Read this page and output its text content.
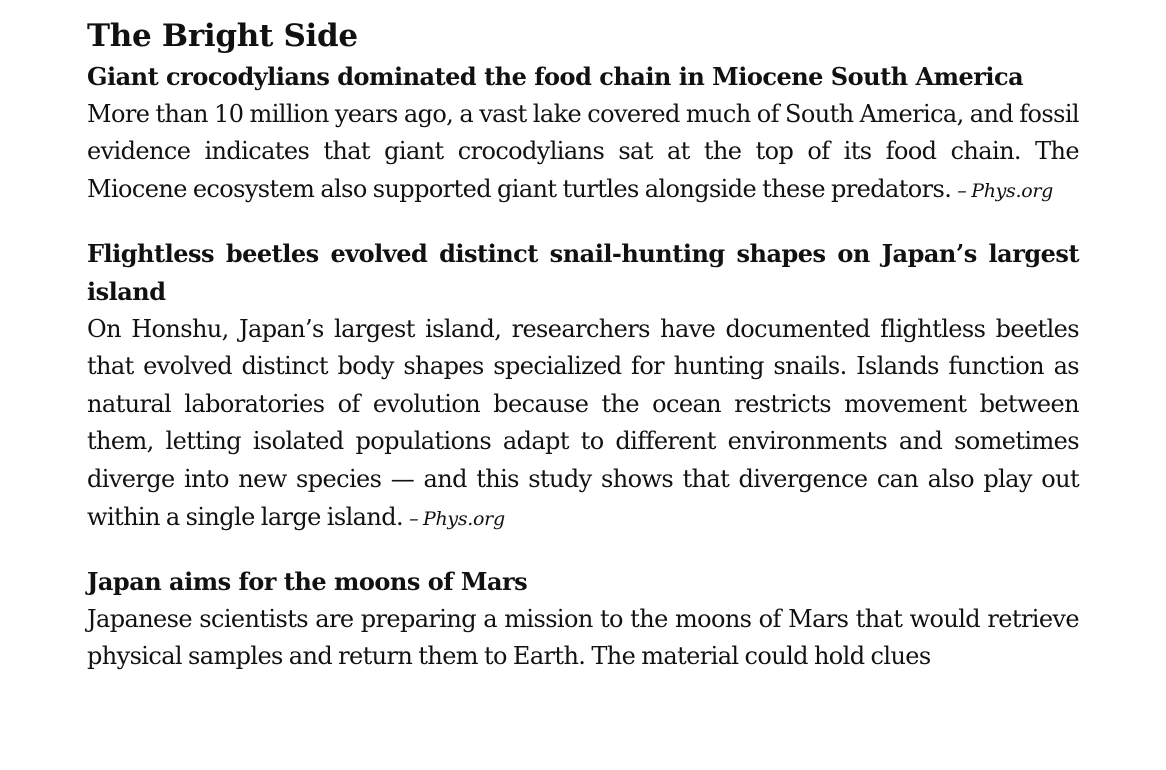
The Bright Side
Giant crocodylians dominated the food chain in Miocene South America

More than 10 million years ago, a vast lake covered much of South America, and fossil evidence indicates that giant crocodylians sat at the top of its food chain. The Miocene ecosystem also supported giant turtles alongside these predators. – Phys.org

Flightless beetles evolved distinct snail-hunting shapes on Japan’s largest island

On Honshu, Japan’s largest island, researchers have documented flightless beetles that evolved distinct body shapes specialized for hunting snails. Islands function as natural laboratories of evolution because the ocean restricts movement between them, letting isolated populations adapt to different environments and sometimes diverge into new species — and this study shows that divergence can also play out within a single large island. – Phys.org

Japan aims for the moons of Mars

Japanese scientists are preparing a mission to the moons of Mars that would retrieve physical samples and return them to Earth. The material could hold clues
